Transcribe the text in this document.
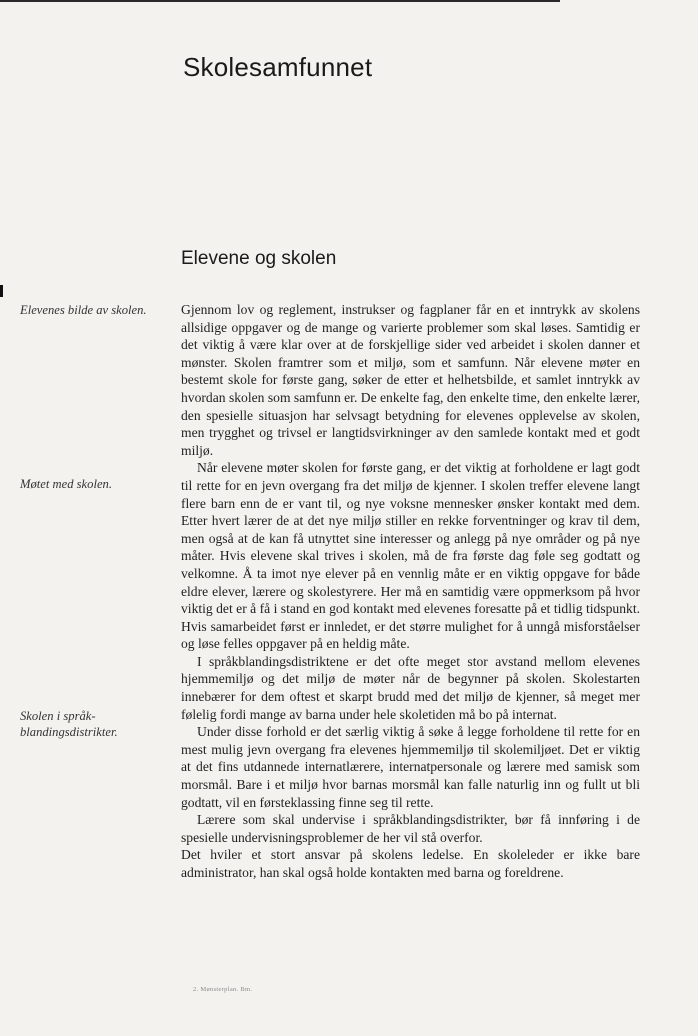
Skolesamfunnet
Elevene og skolen
Elevenes bilde av skolen.
Møtet med skolen.
Skolen i språk-blandingsdistrikter.

Gjennom lov og reglement, instrukser og fagplaner får en et inntrykk av skolens allsidige oppgaver og de mange og varierte problemer som skal løses. Samtidig er det viktig å være klar over at de forskjellige sider ved arbeidet i skolen danner et mønster. Skolen framtrer som et miljø, som et samfunn. Når elevene møter en bestemt skole for første gang, søker de etter et helhetsbilde, et samlet inntrykk av hvordan skolen som samfunn er. De enkelte fag, den enkelte time, den enkelte lærer, den spesielle situasjon har selvsagt betydning for elevenes opplevelse av skolen, men trygghet og trivsel er langtidsvirkninger av den samlede kontakt med et godt miljø.

Når elevene møter skolen for første gang, er det viktig at forholdene er lagt godt til rette for en jevn overgang fra det miljø de kjenner. I skolen treffer elevene langt flere barn enn de er vant til, og nye voksne mennesker ønsker kontakt med dem. Etter hvert lærer de at det nye miljø stiller en rekke forventninger og krav til dem, men også at de kan få utnyttet sine interesser og anlegg på nye områder og på nye måter. Hvis elevene skal trives i skolen, må de fra første dag føle seg godtatt og velkomne. Å ta imot nye elever på en vennlig måte er en viktig oppgave for både eldre elever, lærere og skolestyrere. Her må en samtidig være oppmerksom på hvor viktig det er å få i stand en god kontakt med elevenes foresatte på et tidlig tidspunkt. Hvis samarbeidet først er innledet, er det større mulighet for å unngå misforståelser og løse felles oppgaver på en heldig måte.

I språkblandingsdistriktene er det ofte meget stor avstand mellom elevenes hjemmemiljø og det miljø de møter når de begynner på skolen. Skolestarten innebærer for dem oftest et skarpt brudd med det miljø de kjenner, så meget mer følelig fordi mange av barna under hele skoletiden må bo på internat.

Under disse forhold er det særlig viktig å søke å legge forholdene til rette for en mest mulig jevn overgang fra elevenes hjemmemiljø til skolemiljøet. Det er viktig at det fins utdannede internatlærere, internatpersonale og lærere med samisk som morsmål. Bare i et miljø hvor barnas morsmål kan falle naturlig inn og fullt ut bli godtatt, vil en førsteklassing finne seg til rette.

Lærere som skal undervise i språkblandingsdistrikter, bør få innføring i de spesielle undervisningsproblemer de her vil stå overfor.

Det hviler et stort ansvar på skolens ledelse. En skoleleder er ikke bare administrator, han skal også holde kontakten med barna og foreldrene.

2. Mønsterplan. Bm.
